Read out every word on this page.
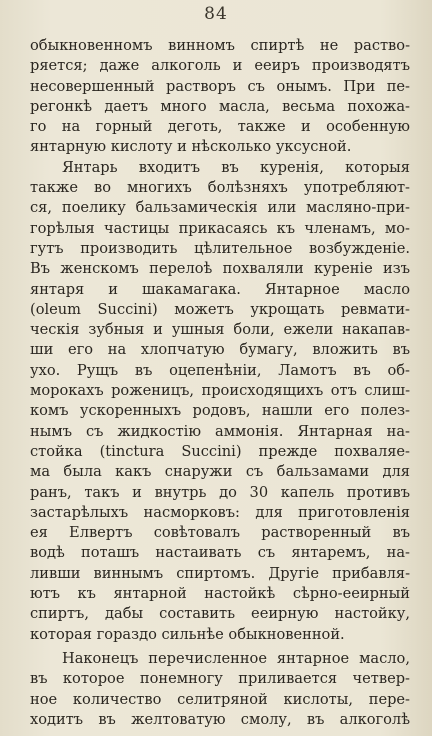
84
обыкновенномъ винномъ спиртѣ не раство-
ряется; даже алкоголь и ееиръ производятъ
несовершенный растворъ съ онымъ. При пе-
регонкѣ даетъ много масла, весьма похожа-
го на горный деготь, также и особенную
янтарную кислоту и нѣсколько уксусной.
Янтарь входитъ въ куренія, которыя
также во многихъ болѣзняхъ употребляют-
ся, поелику бальзамическія или масляно-при-
горѣлыя частицы прикасаясь къ членамъ, мо-
гутъ производить цѣлительное возбужденіе.
Въ женскомъ перелоѣ похваляли куреніе изъ
янтаря и шакамагака. Янтарное масло
(oleum Succini) можетъ укрощать ревмати-
ческія зубныя и ушныя боли, ежели накапав-
ши его на хлопчатую бумагу, вложить въ
ухо. Рущъ въ оцепенѣніи, Ламотъ въ об-
морокахъ роженицъ, происходящихъ отъ слиш-
комъ ускоренныхъ родовъ, нашли его полез-
нымъ съ жидкостію аммонія. Янтарная на-
стойка (tinctura Succini) прежде похваляе-
ма была какъ снаружи съ бальзамами для
ранъ, такъ и внутрь до 30 капель противъ
застарѣлыхъ насморковъ: для приготовленія
ея Елвертъ совѣтовалъ растворенный въ
водѣ поташъ настаивать съ янтаремъ, на-
ливши виннымъ спиртомъ. Другіе прибавля-
ютъ къ янтарной настойкѣ сѣрно-ееирный
спиртъ, дабы составить ееирную настойку,
которая гораздо сильнѣе обыкновенной.
Наконецъ перечисленное янтарное масло,
въ которое понемногу приливается четвер-
ное количество селитряной кислоты, пере-
ходитъ въ желтоватую смолу, въ алкоголѣ
